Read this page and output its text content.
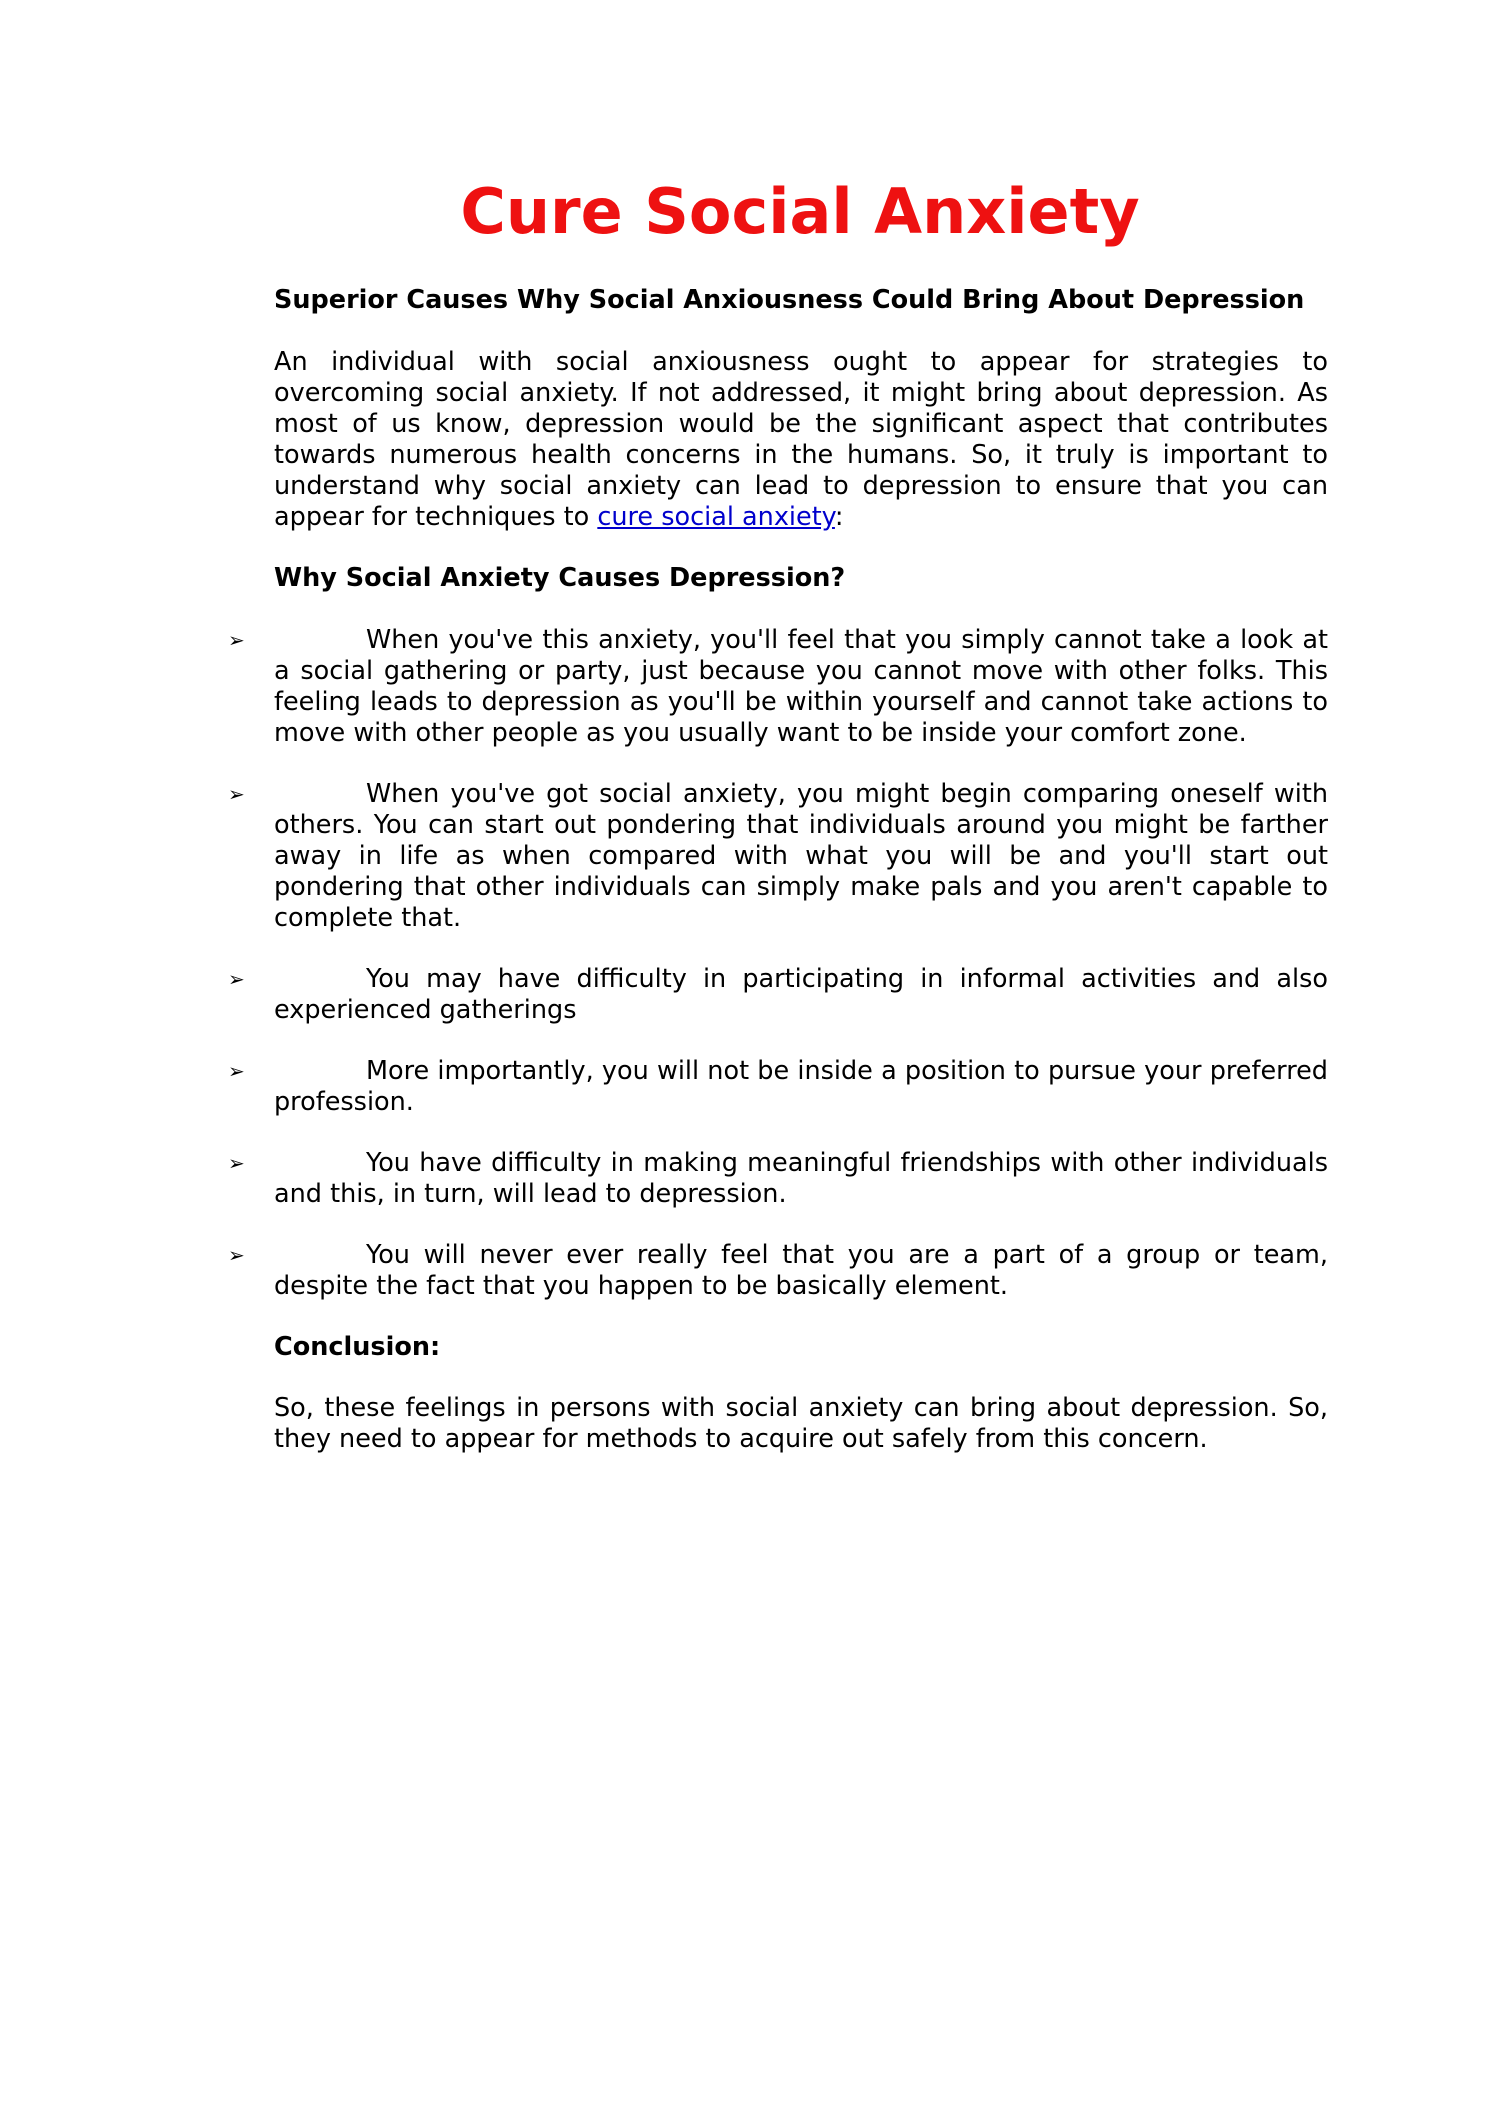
Cure Social Anxiety
Superior Causes Why Social Anxiousness Could Bring About Depression

An individual with social anxiousness ought to appear for strategies to overcoming social anxiety. If not addressed, it might bring about depression. As most of us know, depression would be the significant aspect that contributes towards numerous health concerns in the humans. So, it truly is important to understand why social anxiety can lead to depression to ensure that you can appear for techniques to cure social anxiety:

Why Social Anxiety Causes Depression?
➢	When you've this anxiety, you'll feel that you simply cannot take a look at a social gathering or party, just because you cannot move with other folks. This feeling leads to depression as you'll be within yourself and cannot take actions to move with other people as you usually want to be inside your comfort zone.
➢	When you've got social anxiety, you might begin comparing oneself with others. You can start out pondering that individuals around you might be farther away in life as when compared with what you will be and you'll start out pondering that other individuals can simply make pals and you aren't capable to complete that.
➢	You may have difficulty in participating in informal activities and also experienced gatherings
➢	More importantly, you will not be inside a position to pursue your preferred profession.
➢	You have difficulty in making meaningful friendships with other individuals and this, in turn, will lead to depression.
➢	You will never ever really feel that you are a part of a group or team, despite the fact that you happen to be basically element.
Conclusion:

So, these feelings in persons with social anxiety can bring about depression. So, they need to appear for methods to acquire out safely from this concern.
